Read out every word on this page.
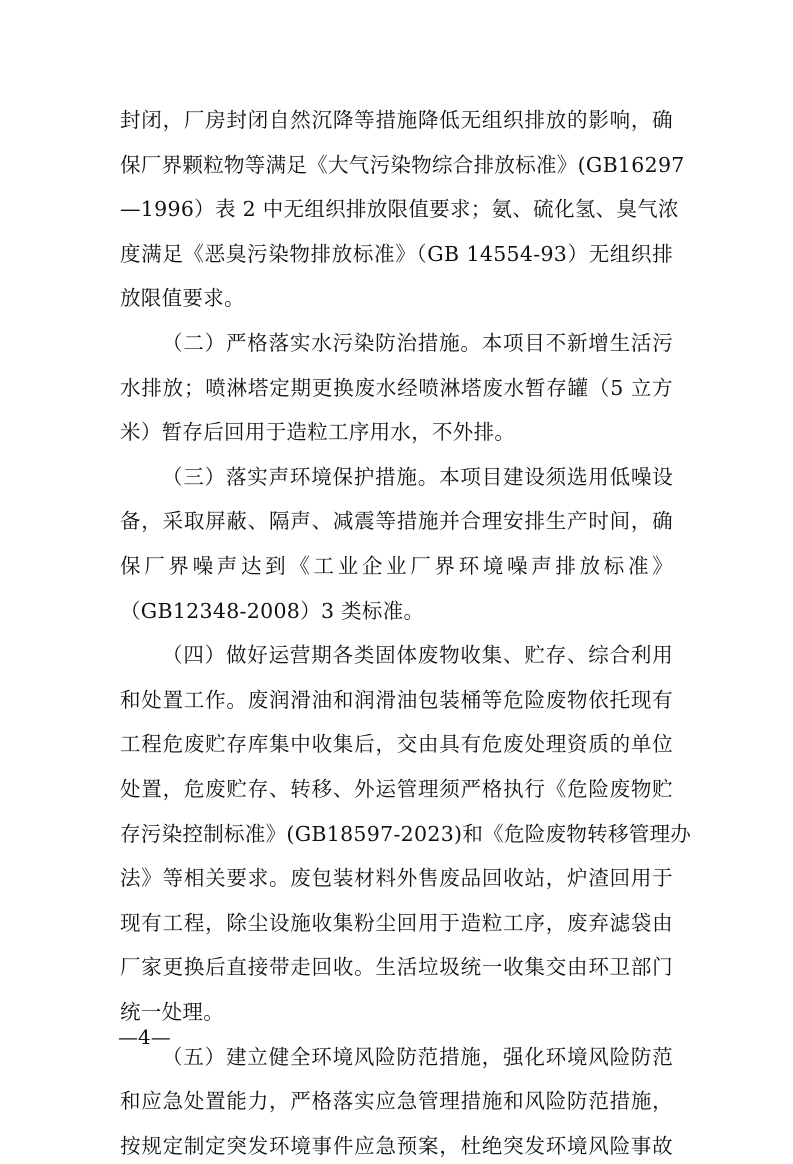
封闭，厂房封闭自然沉降等措施降低无组织排放的影响，确
保厂界颗粒物等满足《大气污染物综合排放标准》(GB16297
—1996）表 2 中无组织排放限值要求；氨、硫化氢、臭气浓
度满足《恶臭污染物排放标准》（GB 14554-93）无组织排
放限值要求。
（二）严格落实水污染防治措施。本项目不新增生活污
水排放；喷淋塔定期更换废水经喷淋塔废水暂存罐（5 立方
米）暂存后回用于造粒工序用水，不外排。
（三）落实声环境保护措施。本项目建设须选用低噪设
备，采取屏蔽、隔声、减震等措施并合理安排生产时间，确
保厂界噪声达到《工业企业厂界环境噪声排放标准》
（GB12348-2008）3 类标准。
（四）做好运营期各类固体废物收集、贮存、综合利用
和处置工作。废润滑油和润滑油包装桶等危险废物依托现有
工程危废贮存库集中收集后，交由具有危废处理资质的单位
处置，危废贮存、转移、外运管理须严格执行《危险废物贮
存污染控制标准》(GB18597-2023)和《危险废物转移管理办
法》等相关要求。废包装材料外售废品回收站，炉渣回用于
现有工程，除尘设施收集粉尘回用于造粒工序，废弃滤袋由
厂家更换后直接带走回收。生活垃圾统一收集交由环卫部门
统一处理。
（五）建立健全环境风险防范措施，强化环境风险防范
和应急处置能力，严格落实应急管理措施和风险防范措施，
按规定制定突发环境事件应急预案，杜绝突发环境风险事故
—4—
